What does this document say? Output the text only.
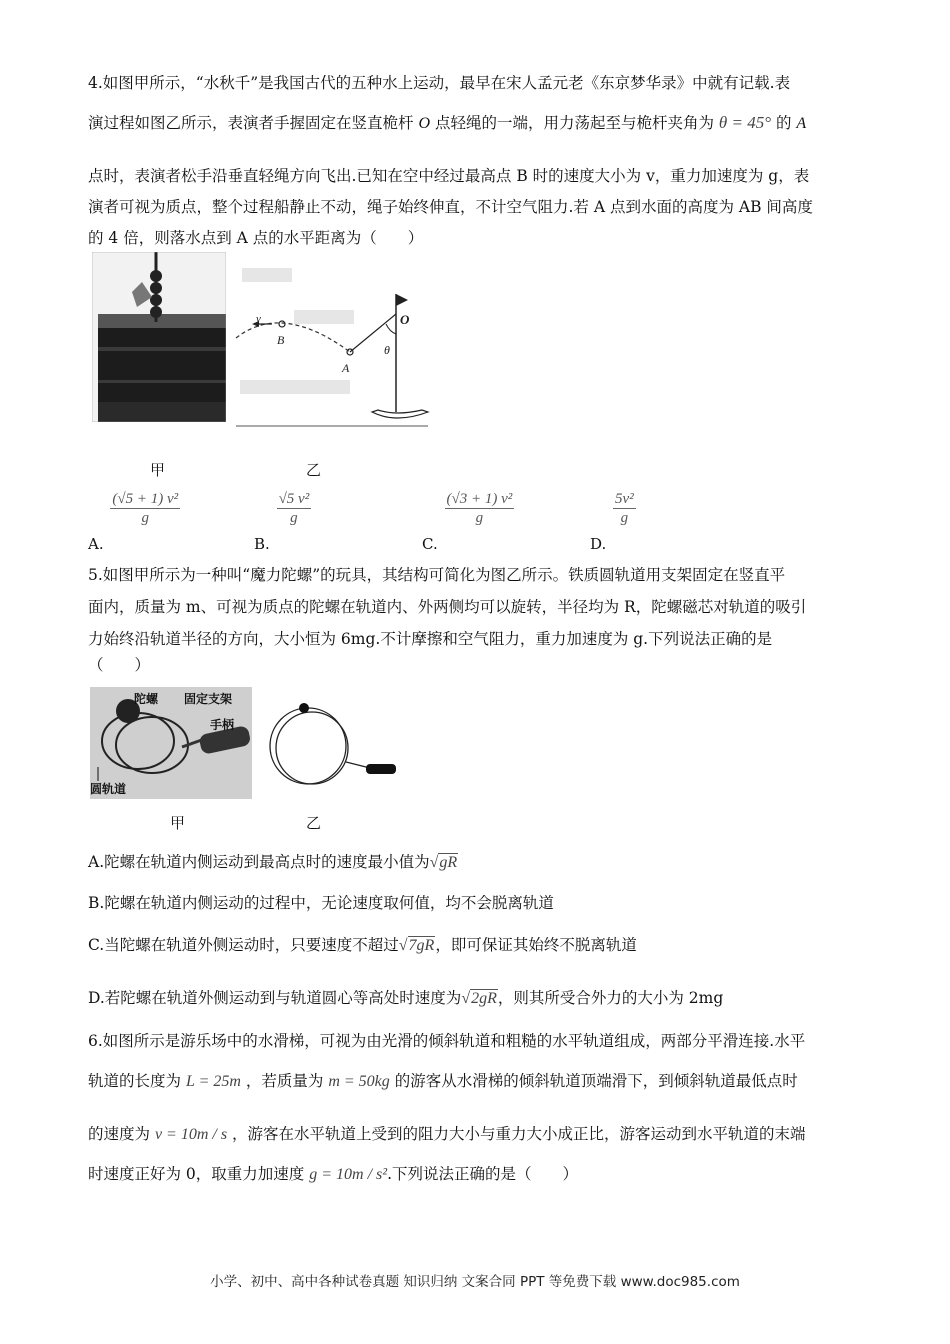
4.如图甲所示，“水秋千”是我国古代的五种水上运动，最早在宋人孟元老《东京梦华录》中就有记载.表
演过程如图乙所示，表演者手握固定在竖直桅杆 O 点轻绳的一端，用力荡起至与桅杆夹角为 θ = 45° 的 A
点时，表演者松手沿垂直轻绳方向飞出.已知在空中经过最高点 B 时的速度大小为 v，重力加速度为 g，表
演者可视为质点，整个过程船静止不动，绳子始终伸直，不计空气阻力.若 A 点到水面的高度为 AB 间高度
的 4 倍，则落水点到 A 点的水平距离为（　　）
甲
v
B
A
O
θ
乙
A.
$\frac{\text{(√5 + 1) v²}}{g}$
B.
$\frac{\text{√5 v²}}{g}$
C.
$\frac{\text{(√3 + 1) v²}}{g}$
D.
$\frac{\text{5v²}}{g}$
5.如图甲所示为一种叫“魔力陀螺”的玩具，其结构可简化为图乙所示。铁质圆轨道用支架固定在竖直平
面内，质量为 m、可视为质点的陀螺在轨道内、外两侧均可以旋转，半径均为 R，陀螺磁芯对轨道的吸引
力始终沿轨道半径的方向，大小恒为 6mg.不计摩擦和空气阻力，重力加速度为 g.下列说法正确的是
（　　）
陀螺 固定支架
手柄
圆轨道
甲	乙
A.陀螺在轨道内侧运动到最高点时的速度最小值为√gR
B.陀螺在轨道内侧运动的过程中，无论速度取何值，均不会脱离轨道
C.当陀螺在轨道外侧运动时，只要速度不超过√7gR，即可保证其始终不脱离轨道
D.若陀螺在轨道外侧运动到与轨道圆心等高处时速度为√2gR，则其所受合外力的大小为 2mg
6.如图所示是游乐场中的水滑梯，可视为由光滑的倾斜轨道和粗糙的水平轨道组成，两部分平滑连接.水平
轨道的长度为 L = 25m ，若质量为 m = 50kg 的游客从水滑梯的倾斜轨道顶端滑下，到倾斜轨道最低点时
的速度为 v = 10m / s ，游客在水平轨道上受到的阻力大小与重力大小成正比，游客运动到水平轨道的末端
时速度正好为 0，取重力加速度 g = 10m / s².下列说法正确的是（　　）
小学、初中、高中各种试卷真题 知识归纳 文案合同 PPT 等免费下载 www.doc985.com
